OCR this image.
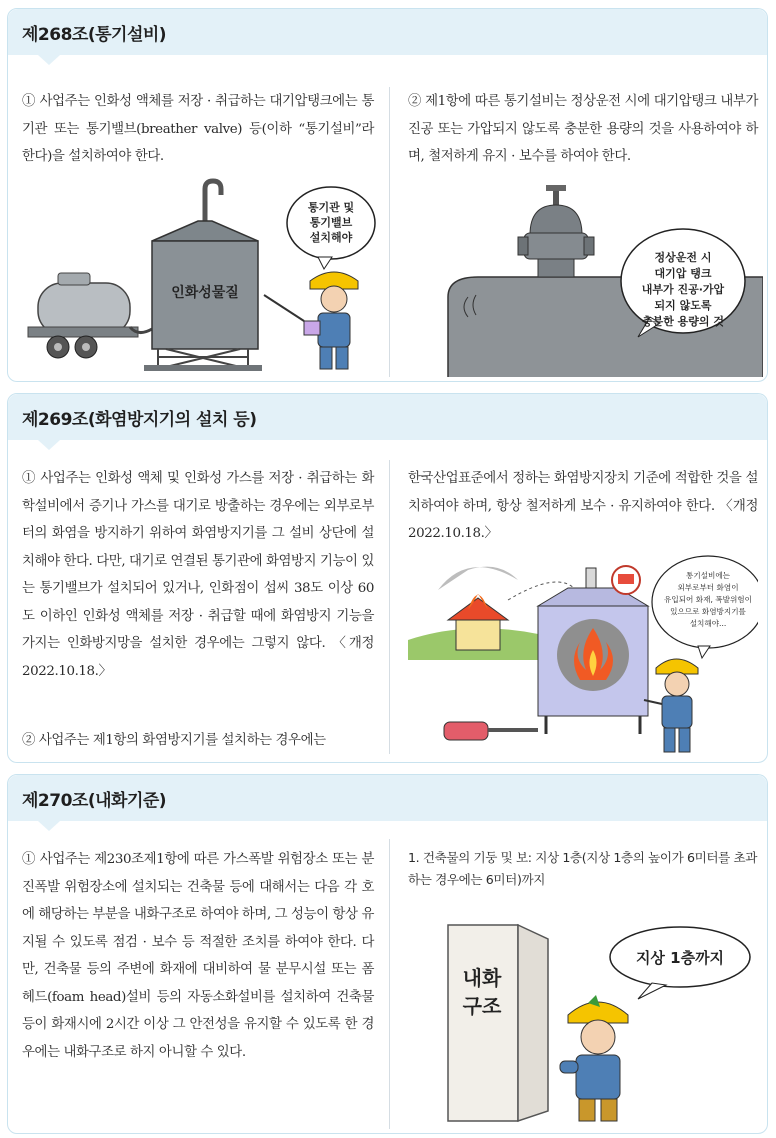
제268조(통기설비)

① 사업주는 인화성 액체를 저장 · 취급하는 대기압탱크에는 통기관 또는 통기밸브(breather valve) 등(이하 “통기설비”라 한다)을 설치하여야 한다.

② 제1항에 따른 통기설비는 정상운전 시에 대기압탱크 내부가 진공 또는 가압되지 않도록 충분한 용량의 것을 사용하여야 하며, 철저하게 유지 · 보수를 하여야 한다.

인화성물질
통기관 및
통기밸브
설치해야
정상운전 시
대기압 탱크
내부가 진공·가압
되지 않도록
충분한 용량의 것
제269조(화염방지기의 설치 등)

① 사업주는 인화성 액체 및 인화성 가스를 저장 · 취급하는 화학설비에서 증기나 가스를 대기로 방출하는 경우에는 외부로부터의 화염을 방지하기 위하여 화염방지기를 그 설비 상단에 설치해야 한다. 다만, 대기로 연결된 통기관에 화염방지 기능이 있는 통기밸브가 설치되어 있거나, 인화점이 섭씨 38도 이상 60도 이하인 인화성 액체를 저장 · 취급할 때에 화염방지 기능을 가지는 인화방지망을 설치한 경우에는 그렇지 않다. 〈개정 2022.10.18.〉

② 사업주는 제1항의 화염방지기를 설치하는 경우에는

한국산업표준에서 정하는 화염방지장치 기준에 적합한 것을 설치하여야 하며, 항상 철저하게 보수 · 유지하여야 한다. 〈개정 2022.10.18.〉

통기설비에는
외부로부터 화염이
유입되어 화재, 폭발위험이
있으므로 화염방지기를
설치해야...
제270조(내화기준)

① 사업주는 제230조제1항에 따른 가스폭발 위험장소 또는 분진폭발 위험장소에 설치되는 건축물 등에 대해서는 다음 각 호에 해당하는 부분을 내화구조로 하여야 하며, 그 성능이 항상 유지될 수 있도록 점검 · 보수 등 적절한 조치를 하여야 한다. 다만, 건축물 등의 주변에 화재에 대비하여 물 분무시설 또는 폼 헤드(foam head)설비 등의 자동소화설비를 설치하여 건축물 등이 화재시에 2시간 이상 그 안전성을 유지할 수 있도록 한 경우에는 내화구조로 하지 아니할 수 있다.

1. 건축물의 기둥 및 보: 지상 1층(지상 1층의 높이가 6미터를 초과하는 경우에는 6미터)까지

내화
구조
지상 1층까지
